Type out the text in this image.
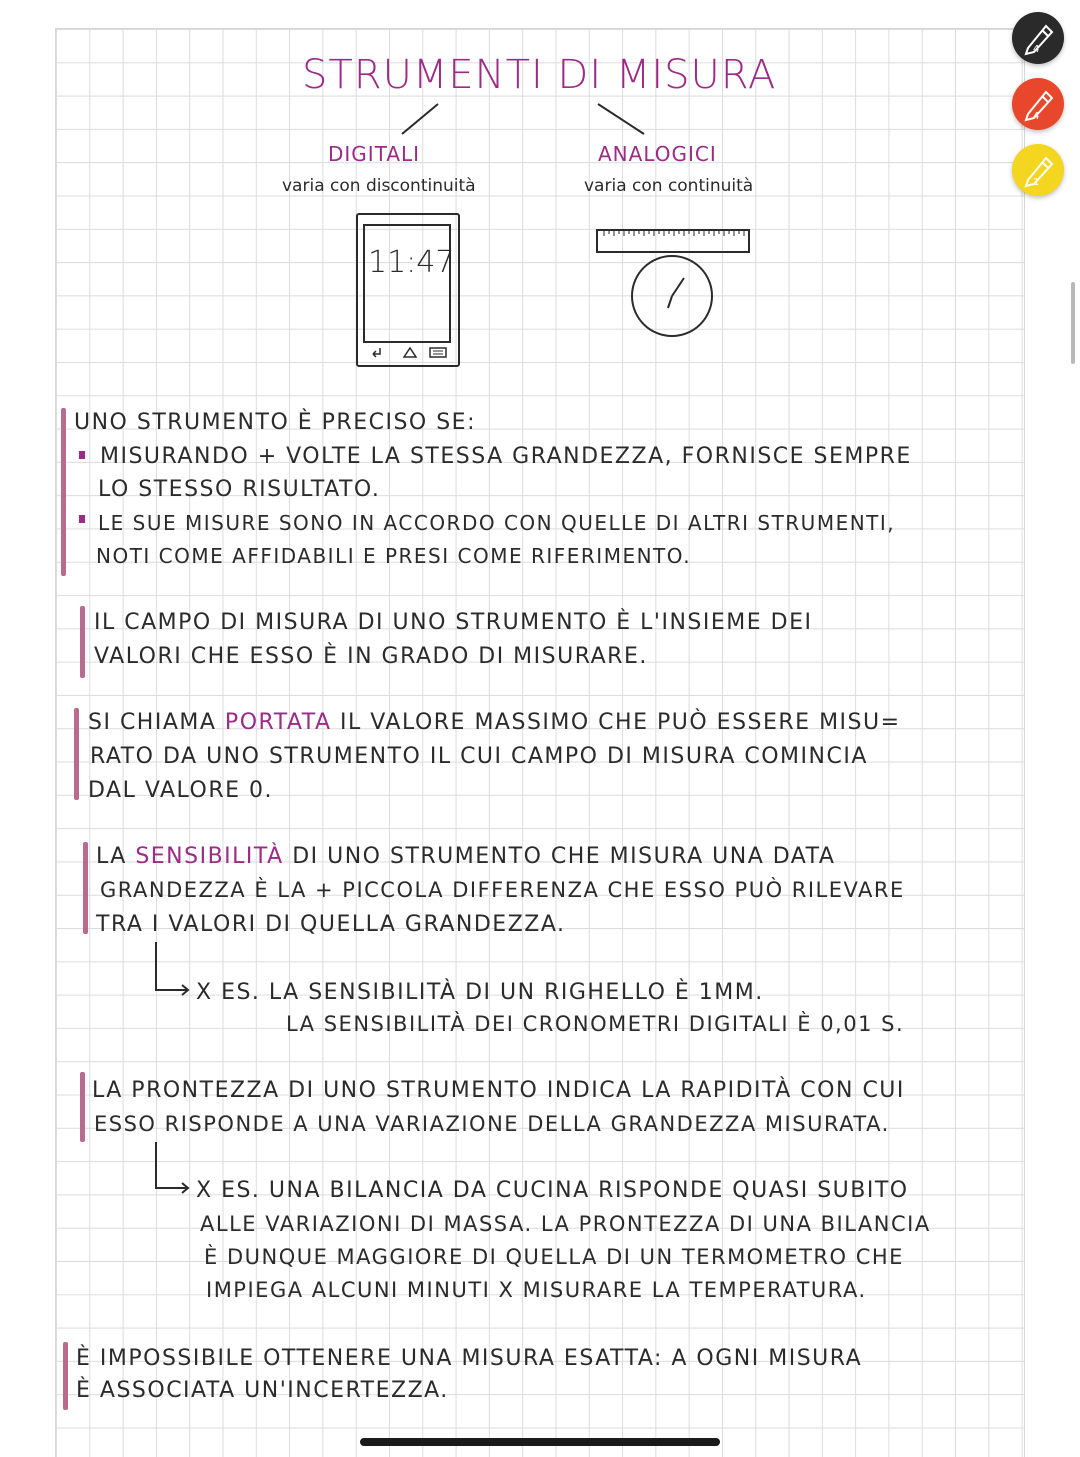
STRUMENTI DI MISURA
DIGITALI
varia con discontinuità
ANALOGICI
varia con continuità
11:47
UNO STRUMENTO È PRECISO SE:
MISURANDO + VOLTE LA STESSA GRANDEZZA, FORNISCE SEMPRE
LO STESSO RISULTATO.
LE SUE MISURE SONO IN ACCORDO CON QUELLE DI ALTRI STRUMENTI,
NOTI COME AFFIDABILI E PRESI COME RIFERIMENTO.
IL CAMPO DI MISURA DI UNO STRUMENTO È L'INSIEME DEI
VALORI CHE ESSO È IN GRADO DI MISURARE.
SI CHIAMA PORTATA IL VALORE MASSIMO CHE PUÒ ESSERE MISU=
RATO DA UNO STRUMENTO IL CUI CAMPO DI MISURA COMINCIA
DAL VALORE 0.
LA SENSIBILITÀ DI UNO STRUMENTO CHE MISURA UNA DATA
GRANDEZZA È LA + PICCOLA DIFFERENZA CHE ESSO PUÒ RILEVARE
TRA I VALORI DI QUELLA GRANDEZZA.
X ES. LA SENSIBILITÀ DI UN RIGHELLO È 1MM.
LA SENSIBILITÀ DEI CRONOMETRI DIGITALI È 0,01 S.
LA PRONTEZZA DI UNO STRUMENTO INDICA LA RAPIDITÀ CON CUI
ESSO RISPONDE A UNA VARIAZIONE DELLA GRANDEZZA MISURATA.
X ES. UNA BILANCIA DA CUCINA RISPONDE QUASI SUBITO
ALLE VARIAZIONI DI MASSA. LA PRONTEZZA DI UNA BILANCIA
È DUNQUE MAGGIORE DI QUELLA DI UN TERMOMETRO CHE
IMPIEGA ALCUNI MINUTI X MISURARE LA TEMPERATURA.
È IMPOSSIBILE OTTENERE UNA MISURA ESATTA: A OGNI MISURA
È ASSOCIATA UN'INCERTEZZA.
4
4
1
